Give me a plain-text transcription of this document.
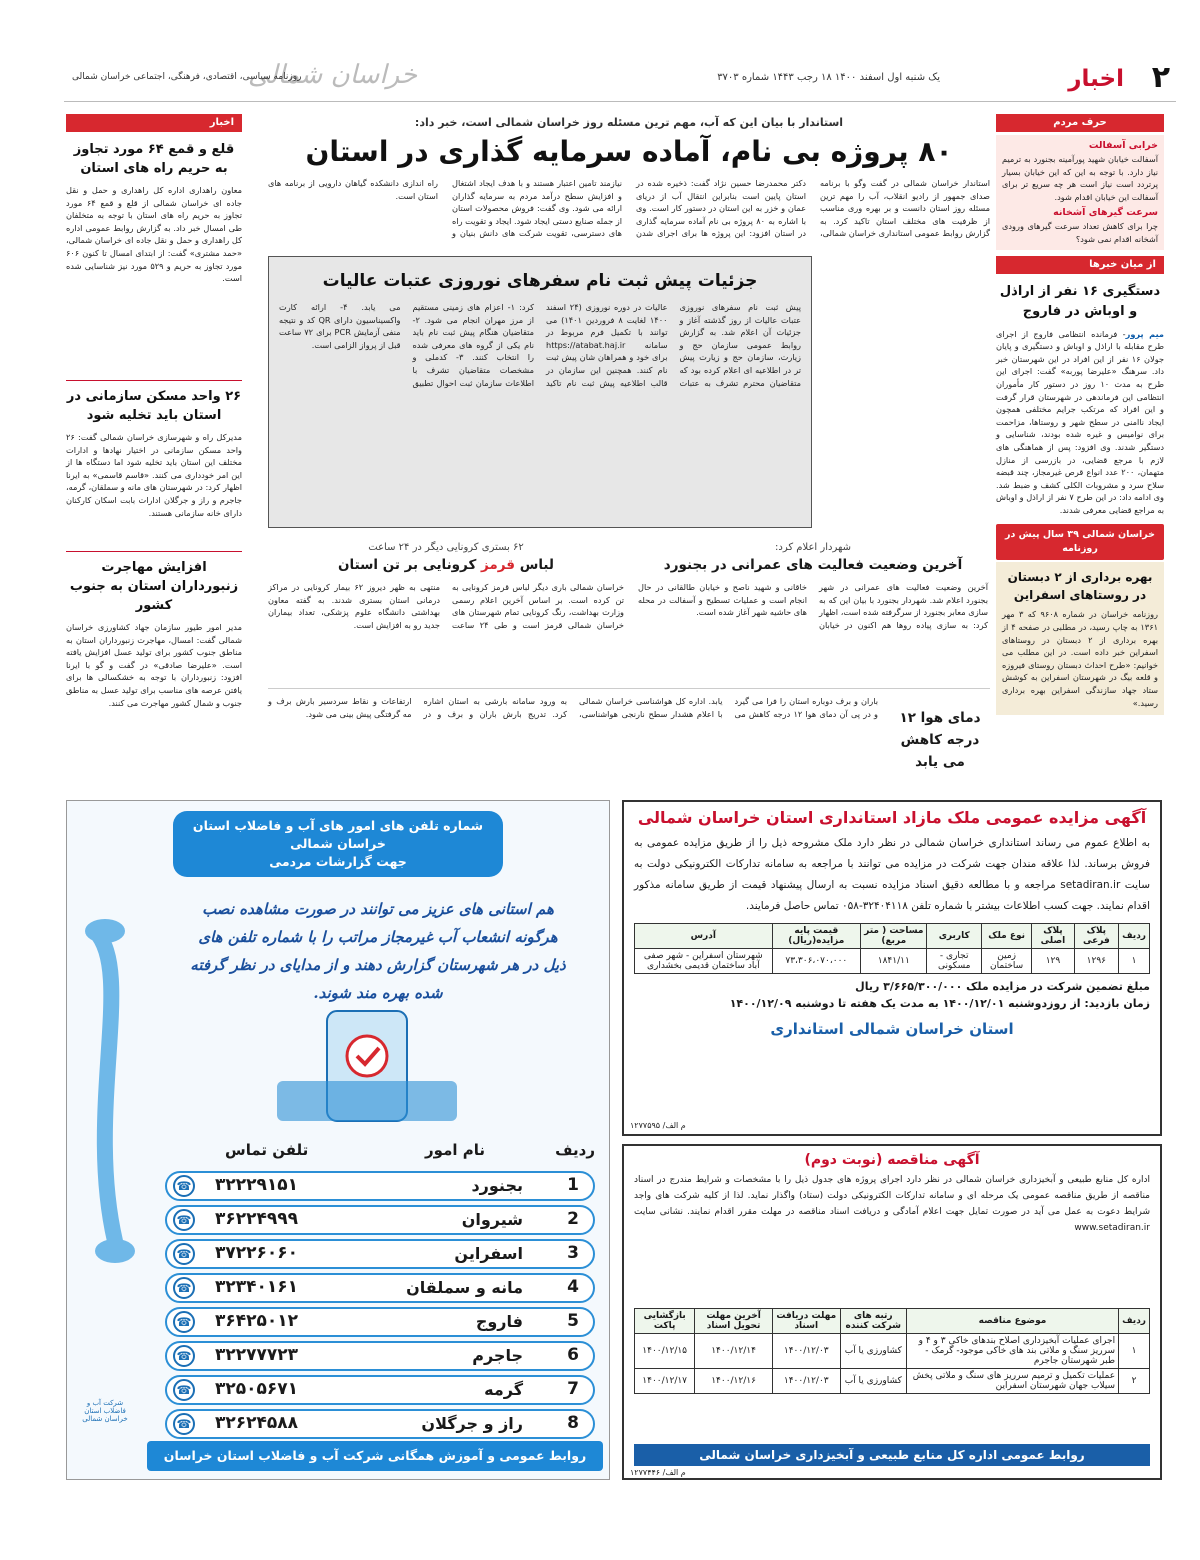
۲
اخبار
یک شنبه اول اسفند ۱۴۰۰ ۱۸ رجب ۱۴۴۳ شماره ۳۷۰۳
خراسان شمالی
روزنامه سیاسی، اقتصادی، فرهنگی، اجتماعی خراسان شمالی
حرف مردم
خرابی آسفالت
آسفالت خیابان شهید پورآمینه بجنورد به ترمیم نیاز دارد. با توجه به این که این خیابان بسیار پرتردد است نیاز است هر چه سریع تر برای آسفالت این خیابان اقدام شود.
سرعت گیرهای آشخانه
چرا برای کاهش تعداد سرعت گیرهای ورودی آشخانه اقدام نمی شود؟
از میان خبرها
دستگیری ۱۶ نفر از اراذل و اوباش در فاروج
میم پرور- فرمانده انتظامی فاروج از اجرای طرح مقابله با اراذل و اوباش و دستگیری و پایان جولان ۱۶ نفر از این افراد در این شهرستان خبر داد. سرهنگ «علیرضا پوربه» گفت: اجرای این طرح به مدت ۱۰ روز در دستور کار مأموران انتظامی این فرماندهی در شهرستان قرار گرفت و این افراد که مرتکب جرایم مختلفی همچون ایجاد ناامنی در سطح شهر و روستاها، مزاحمت برای نوامیس و غیره شده بودند، شناسایی و دستگیر شدند. وی افزود: پس از هماهنگی های لازم با مرجع قضایی، در بازرسی از منازل متهمان، ۲۰۰ عدد انواع قرص غیرمجاز، چند قبضه سلاح سرد و مشروبات الکلی کشف و ضبط شد. وی ادامه داد: در این طرح ۷ نفر از اراذل و اوباش به مراجع قضایی معرفی شدند.
خراسان شمالی ۳۹ سال پیش در روزنامه
بهره برداری از ۲ دبستان در روستاهای اسفراین
روزنامه خراسان در شماره ۹۶۰۸ که ۳ مهر ۱۳۶۱ به چاپ رسید، در مطلبی در صفحه ۴ از بهره برداری از ۲ دبستان در روستاهای اسفراین خبر داده است. در این مطلب می خوانیم: «طرح احداث دبستان روستای فیروزه و قلعه بیگ در شهرستان اسفراین به کوشش ستاد جهاد سازندگی اسفراین بهره برداری رسید.»
استاندار با بیان این که آب، مهم ترین مسئله روز خراسان شمالی است، خبر داد:
۸۰ پروژه بی نام، آماده سرمایه گذاری در استان
استاندار خراسان شمالی در گفت وگو با برنامه صدای جمهور از رادیو انقلاب، آب را مهم ترین مسئله روز استان دانست و بر بهره وری مناسب از ظرفیت های مختلف استان تاکید کرد. به گزارش روابط عمومی استانداری خراسان شمالی، دکتر محمدرضا حسین نژاد گفت: ذخیره شده در استان پایین است بنابراین انتقال آب از دریای عمان و خزر به این استان در دستور کار است. وی با اشاره به ۸۰ پروژه بی نام آماده سرمایه گذاری در استان افزود: این پروژه ها برای اجرای شدن نیازمند تامین اعتبار هستند و با هدف ایجاد اشتغال و افزایش سطح درآمد مردم به سرمایه گذاران ارائه می شود. وی گفت: فروش محصولات استان از جمله صنایع دستی ایجاد شود. ایجاد و تقویت راه های دسترسی، تقویت شرکت های دانش بنیان و راه اندازی دانشکده گیاهان دارویی از برنامه های استان است.
جزئیات پیش ثبت نام سفرهای نوروزی عتبات عالیات
پیش ثبت نام سفرهای نوروزی عتبات عالیات از روز گذشته آغاز و جزئیات آن اعلام شد. به گزارش روابط عمومی سازمان حج و زیارت، سازمان حج و زیارت پیش تر در اطلاعیه ای اعلام کرده بود که متقاضیان محترم تشرف به عتبات عالیات در دوره نوروزی (۲۴ اسفند ۱۴۰۰ لغایت ۸ فروردین ۱۴۰۱) می توانند با تکمیل فرم مربوط در سامانه https://atabat.haj.ir برای خود و همراهان شان پیش ثبت نام کنند. همچنین این سازمان در قالب اطلاعیه پیش ثبت نام تاکید کرد: ۱- اعزام های زمینی مستقیم از مرز مهران انجام می شود. ۲- متقاضیان هنگام پیش ثبت نام باید نام یکی از گروه های معرفی شده را انتخاب کنند. ۳- کدملی و مشخصات متقاضیان تشرف با اطلاعات سازمان ثبت احوال تطبیق می یابد. ۴- ارائه کارت واکسیناسیون دارای QR کد و نتیجه منفی آزمایش PCR برای ۷۲ ساعت قبل از پرواز الزامی است.
شهردار اعلام کرد:
آخرین وضعیت فعالیت های عمرانی در بجنورد
آخرین وضعیت فعالیت های عمرانی در شهر بجنورد اعلام شد. شهردار بجنورد با بیان این که به سازی معابر بجنورد از سرگرفته شده است، اظهار کرد: به سازی پیاده روها هم اکنون در خیابان خاقانی و شهید ناصح و خیابان طالقانی در حال انجام است و عملیات تسطیح و آسفالت در محله های حاشیه شهر آغاز شده است.
۶۲ بستری کرونایی دیگر در ۲۴ ساعت
لباس قرمز کرونایی بر تن استان
خراسان شمالی باری دیگر لباس قرمز کرونایی به تن کرده است. بر اساس آخرین اعلام رسمی وزارت بهداشت، رنگ کرونایی تمام شهرستان های خراسان شمالی قرمز است و طی ۲۴ ساعت منتهی به ظهر دیروز ۶۲ بیمار کرونایی در مراکز درمانی استان بستری شدند. به گفته معاون بهداشتی دانشگاه علوم پزشکی، تعداد بیماران جدید رو به افزایش است.
دمای هوا ۱۲ درجه کاهش می یابد
باران و برف دوباره استان را فرا می گیرد و در پی آن دمای هوا ۱۲ درجه کاهش می یابد. اداره کل هواشناسی خراسان شمالی با اعلام هشدار سطح نارنجی هواشناسی، به ورود سامانه بارشی به استان اشاره کرد. تدریج بارش باران و برف و در ارتفاعات و نقاط سردسیر بارش برف و مه گرفتگی پیش بینی می شود.
اخبار
قلع و قمع ۶۴ مورد تجاوز به حریم راه های استان
معاون راهداری اداره کل راهداری و حمل و نقل جاده ای خراسان شمالی از قلع و قمع ۶۴ مورد تجاوز به حریم راه های استان با توجه به متخلفان طی امسال خبر داد. به گزارش روابط عمومی اداره کل راهداری و حمل و نقل جاده ای خراسان شمالی، «حمد مشتری» گفت: از ابتدای امسال تا کنون ۶۰۶ مورد تجاوز به حریم و ۵۲۹ مورد نیز شناسایی شده است.
۲۶ واحد مسکن سازمانی در استان باید تخلیه شود
مدیرکل راه و شهرسازی خراسان شمالی گفت: ۲۶ واحد مسکن سازمانی در اختیار نهادها و ادارات مختلف این استان باید تخلیه شود اما دستگاه ها از این امر خودداری می کنند. «قاسم قاسمی» به ایرنا اظهار کرد: در شهرستان های مانه و سملقان، گرمه، جاجرم و راز و جرگلان ادارات بابت اسکان کارکنان دارای خانه سازمانی هستند.
افزایش مهاجرت زنبورداران استان به جنوب کشور
مدیر امور طیور سازمان جهاد کشاورزی خراسان شمالی گفت: امسال، مهاجرت زنبورداران استان به مناطق جنوب کشور برای تولید عسل افزایش یافته است. «علیرضا صادقی» در گفت و گو با ایرنا افزود: زنبورداران با توجه به خشکسالی ها برای یافتن عرصه های مناسب برای تولید عسل به مناطق جنوب و شمال کشور مهاجرت می کنند.
شماره تلفن های امور های آب و فاضلاب استان خراسان شمالی
جهت گزارشات مردمی
هم استانی های عزیز می توانند در صورت مشاهده نصب هرگونه انشعاب آب غیرمجاز مراتب را با شماره تلفن های ذیل در هر شهرستان گزارش دهند و از مدایای در نظر گرفته شده بهره مند شوند.
ردیف
نام امور
تلفن تماس
1
بجنورد
۳۲۲۲۹۱۵۱
☎
2
شیروان
۳۶۲۲۴۹۹۹
☎
3
اسفراین
۳۷۲۲۶۰۶۰
☎
4
مانه و سملقان
۳۲۳۴۰۱۶۱
☎
5
فاروج
۳۶۴۲۵۰۱۲
☎
6
جاجرم
۳۲۲۷۷۷۲۳
☎
7
گرمه
۳۲۵۰۵۶۷۱
☎
8
راز و جرگلان
۳۲۶۲۴۵۸۸
☎
شرکت آب و فاضلاب استان خراسان شمالی
روابط عمومی و آموزش همگانی شرکت آب و فاضلاب استان خراسان شمالی
آگهی مزایده عمومی ملک مازاد استانداری استان خراسان شمالی
به اطلاع عموم می رساند استانداری خراسان شمالی در نظر دارد ملک مشروحه ذیل را از طریق مزایده عمومی به فروش برساند. لذا علاقه مندان جهت شرکت در مزایده می توانند با مراجعه به سامانه تدارکات الکترونیکی دولت به سایت setadiran.ir مراجعه و با مطالعه دقیق اسناد مزایده نسبت به ارسال پیشنهاد قیمت از طریق سامانه مذکور اقدام نمایند. جهت کسب اطلاعات بیشتر با شماره تلفن ۳۲۴۰۴۱۱۸-۰۵۸ تماس حاصل فرمایند.
ردیف	پلاک فرعی	پلاک اصلی	نوع ملک	کاربری	مساحت ( متر مربع)	قیمت پایه مزایده(ریال)	آدرس
۱	۱۲۹۶	۱۲۹	زمین ساختمان	تجاری - مسکونی	۱۸۴۱/۱۱	۷۳،۳۰۶،۰۷۰،۰۰۰	شهرستان اسفراین - شهر صفی آباد ساختمان قدیمی بخشداری
مبلغ تضمین شرکت در مزایده ملک ۳/۶۶۵/۳۰۰/۰۰۰ ریال
زمان بازدید: از روزدوشنبه ۱۴۰۰/۱۲/۰۱ به مدت یک هفته تا دوشنبه ۱۴۰۰/۱۲/۰۹
استان خراسان شمالی استانداری
م الف/ ۱۲۷۷۵۹۵
آگهی مناقصه (نوبت دوم)
اداره کل منابع طبیعی و آبخیزداری خراسان شمالی در نظر دارد اجرای پروژه های جدول ذیل را با مشخصات و شرایط مندرج در اسناد مناقصه از طریق مناقصه عمومی یک مرحله ای و سامانه تدارکات الکترونیکی دولت (ستاد) واگذار نماید. لذا از کلیه شرکت های واجد شرایط دعوت به عمل می آید در صورت تمایل جهت اعلام آمادگی و دریافت اسناد مناقصه در مهلت مقرر اقدام نمایند. نشانی سایت www.setadiran.ir
ردیف	موضوع مناقصه	رتبه های شرکت کننده	مهلت دریافت اسناد	آخرین مهلت تحویل اسناد	بازگشایی پاکت
۱	اجرای عملیات آبخیزداری اصلاح بندهای خاکی ۳ و ۴ و سرریز سنگ و ملاتی بند های خاکی موجود- گرمک - طبر شهرستان جاجرم	کشاورزی یا آب	۱۴۰۰/۱۲/۰۳	۱۴۰۰/۱۲/۱۴	۱۴۰۰/۱۲/۱۵
۲	عملیات تکمیل و ترمیم سرریز های سنگ و ملاتی پخش سیلاب جهان شهرستان اسفراین	کشاورزی یا آب	۱۴۰۰/۱۲/۰۳	۱۴۰۰/۱۲/۱۶	۱۴۰۰/۱۲/۱۷
روابط عمومی اداره کل منابع طبیعی و آبخیزداری خراسان شمالی
م الف/ ۱۲۷۷۴۴۶
